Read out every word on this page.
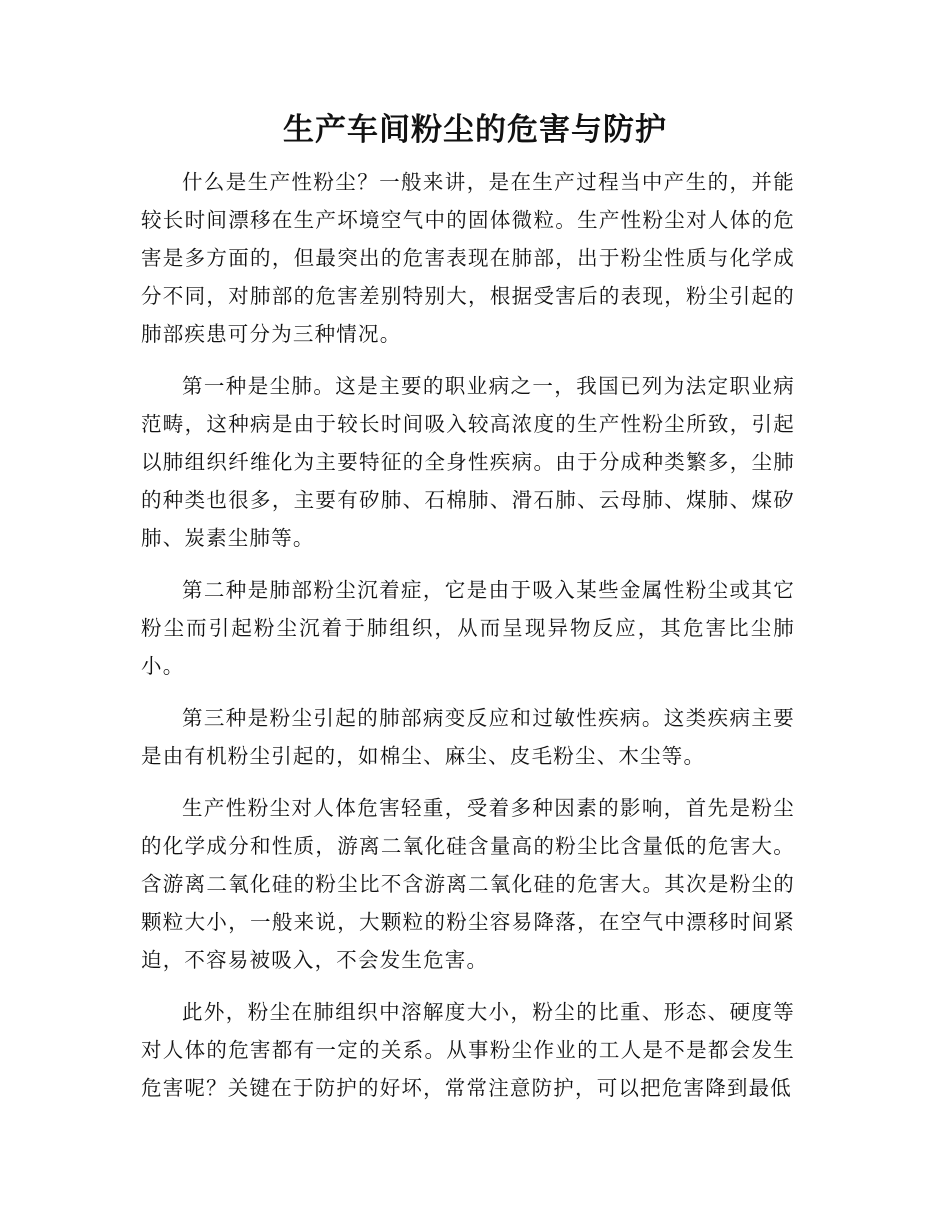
生产车间粉尘的危害与防护

什么是生产性粉尘？一般来讲，是在生产过程当中产生的，并能较长时间漂移在生产坏境空气中的固体微粒。生产性粉尘对人体的危害是多方面的，但最突出的危害表现在肺部，出于粉尘性质与化学成分不同，对肺部的危害差别特别大，根据受害后的表现，粉尘引起的肺部疾患可分为三种情况。

第一种是尘肺。这是主要的职业病之一，我国已列为法定职业病范畴，这种病是由于较长时间吸入较高浓度的生产性粉尘所致，引起以肺组织纤维化为主要特征的全身性疾病。由于分成种类繁多，尘肺的种类也很多，主要有矽肺、石棉肺、滑石肺、云母肺、煤肺、煤矽肺、炭素尘肺等。

第二种是肺部粉尘沉着症，它是由于吸入某些金属性粉尘或其它粉尘而引起粉尘沉着于肺组织，从而呈现异物反应，其危害比尘肺小。

第三种是粉尘引起的肺部病变反应和过敏性疾病。这类疾病主要是由有机粉尘引起的，如棉尘、麻尘、皮毛粉尘、木尘等。

生产性粉尘对人体危害轻重，受着多种因素的影响，首先是粉尘的化学成分和性质，游离二氧化硅含量高的粉尘比含量低的危害大。含游离二氧化硅的粉尘比不含游离二氧化硅的危害大。其次是粉尘的颗粒大小，一般来说，大颗粒的粉尘容易降落，在空气中漂移时间紧迫，不容易被吸入，不会发生危害。

此外，粉尘在肺组织中溶解度大小，粉尘的比重、形态、硬度等对人体的危害都有一定的关系。从事粉尘作业的工人是不是都会发生危害呢？关键在于防护的好坏，常常注意防护，可以把危害降到最低
